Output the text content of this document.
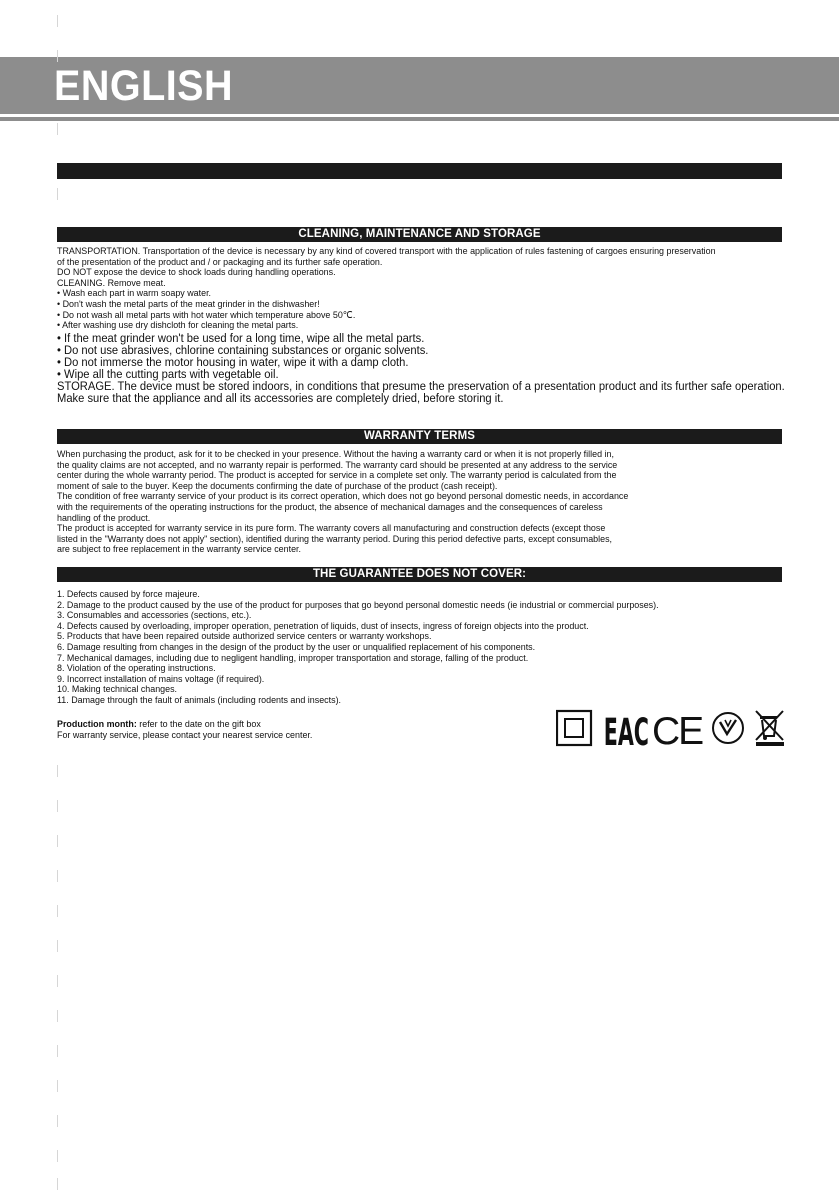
ENGLISH
CLEANING, MAINTENANCE AND STORAGE
TRANSPORTATION. Transportation of the device is necessary by any kind of covered transport with the application of rules fastening of cargoes ensuring preservation
of the presentation of the product and / or packaging and its further safe operation.
DO NOT expose the device to shock loads during handling operations.
CLEANING. Remove meat.
• Wash each part in warm soapy water.
• Don't wash the metal parts of the meat grinder in the dishwasher!
• Do not wash all metal parts with hot water which temperature above 50℃.
• After washing use dry dishcloth for cleaning the metal parts.
• If the meat grinder won't be used for a long time, wipe all the metal parts.
• Do not use abrasives, chlorine containing substances or organic solvents.
• Do not immerse the motor housing in water, wipe it with a damp cloth.
• Wipe all the cutting parts with vegetable oil.
STORAGE. The device must be stored indoors, in conditions that presume the preservation of a presentation product and its further safe operation.
Make sure that the appliance and all its accessories are completely dried, before storing it.
WARRANTY TERMS
When purchasing the product, ask for it to be checked in your presence. Without the having a warranty card or when it is not properly filled in,
the quality claims are not accepted, and no warranty repair is performed. The warranty card should be presented at any address to the service
center during the whole warranty period. The product is accepted for service in a complete set only. The warranty period is calculated from the
moment of sale to the buyer. Keep the documents confirming the date of purchase of the product (cash receipt).
The condition of free warranty service of your product is its correct operation, which does not go beyond personal domestic needs, in accordance
with the requirements of the operating instructions for the product, the absence of mechanical damages and the consequences of careless
handling of the product.
The product is accepted for warranty service in its pure form. The warranty covers all manufacturing and construction defects (except those
listed in the "Warranty does not apply" section), identified during the warranty period. During this period defective parts, except consumables,
are subject to free replacement in the warranty service center.
THE GUARANTEE DOES NOT COVER:
1. Defects caused by force majeure.
2. Damage to the product caused by the use of the product for purposes that go beyond personal domestic needs (ie industrial or commercial purposes).
3. Consumables and accessories (sections, etc.).
4. Defects caused by overloading, improper operation, penetration of liquids, dust of insects, ingress of foreign objects into the product.
5. Products that have been repaired outside authorized service centers or warranty workshops.
6. Damage resulting from changes in the design of the product by the user or unqualified replacement of his components.
7. Mechanical damages, including due to negligent handling, improper transportation and storage, falling of the product.
8. Violation of the operating instructions.
9. Incorrect installation of mains voltage (if required).
10. Making technical changes.
11. Damage through the fault of animals (including rodents and insects).
Production month: refer to the date on the gift box
For warranty service, please contact your nearest service center.	EAC CE
